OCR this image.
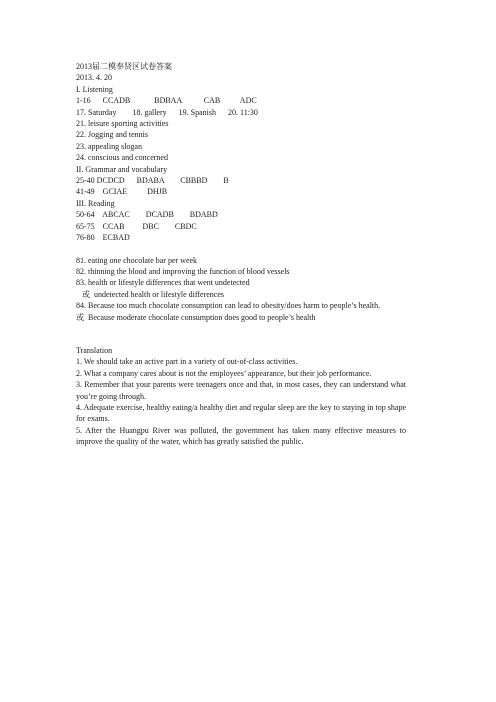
2013届二模奉贤区试卷答案
2013. 4. 20
I. Listening
1-16      CCADB            BDBAA           CAB          ADC
17. Saturday        18. gallery      19. Spanish      20. 11:30
21. leisure sporting activities
22. Jogging and tennis
23. appealing slogan
24. conscious and concerned
II. Grammar and vocabulary
25-40 DCDCD      BDABA        CBBBD        B
41-49    GCIAE          DHJB
III. Reading
50-64    ABCAC        DCADB        BDABD
65-75    CCAB         DBC        CBDC
76-80    ECBAD
81. eating one chocolate bar per week
82. thinning the blood and improving the function of blood vessels
83. health or lifestyle differences that went undetected
或  undetected health or lifestyle differences
84. Because too much chocolate consumption can lead to obesity/does harm to people’s health.
或  Because moderate chocolate consumption does good to people’s health
Translation
1. We should take an active part in a variety of out-of-class activities.
2. What a company cares about is not the employees’ appearance, but their job performance.
3. Remember that your parents were teenagers once and that, in most cases, they can understand what you’re going through.
4. Adequate exercise, healthy eating/a healthy diet and regular sleep are the key to staying in top shape for exams.
5. After the Huangpu River was polluted, the government has taken many effective measures to improve the quality of the water, which has greatly satisfied the public.
